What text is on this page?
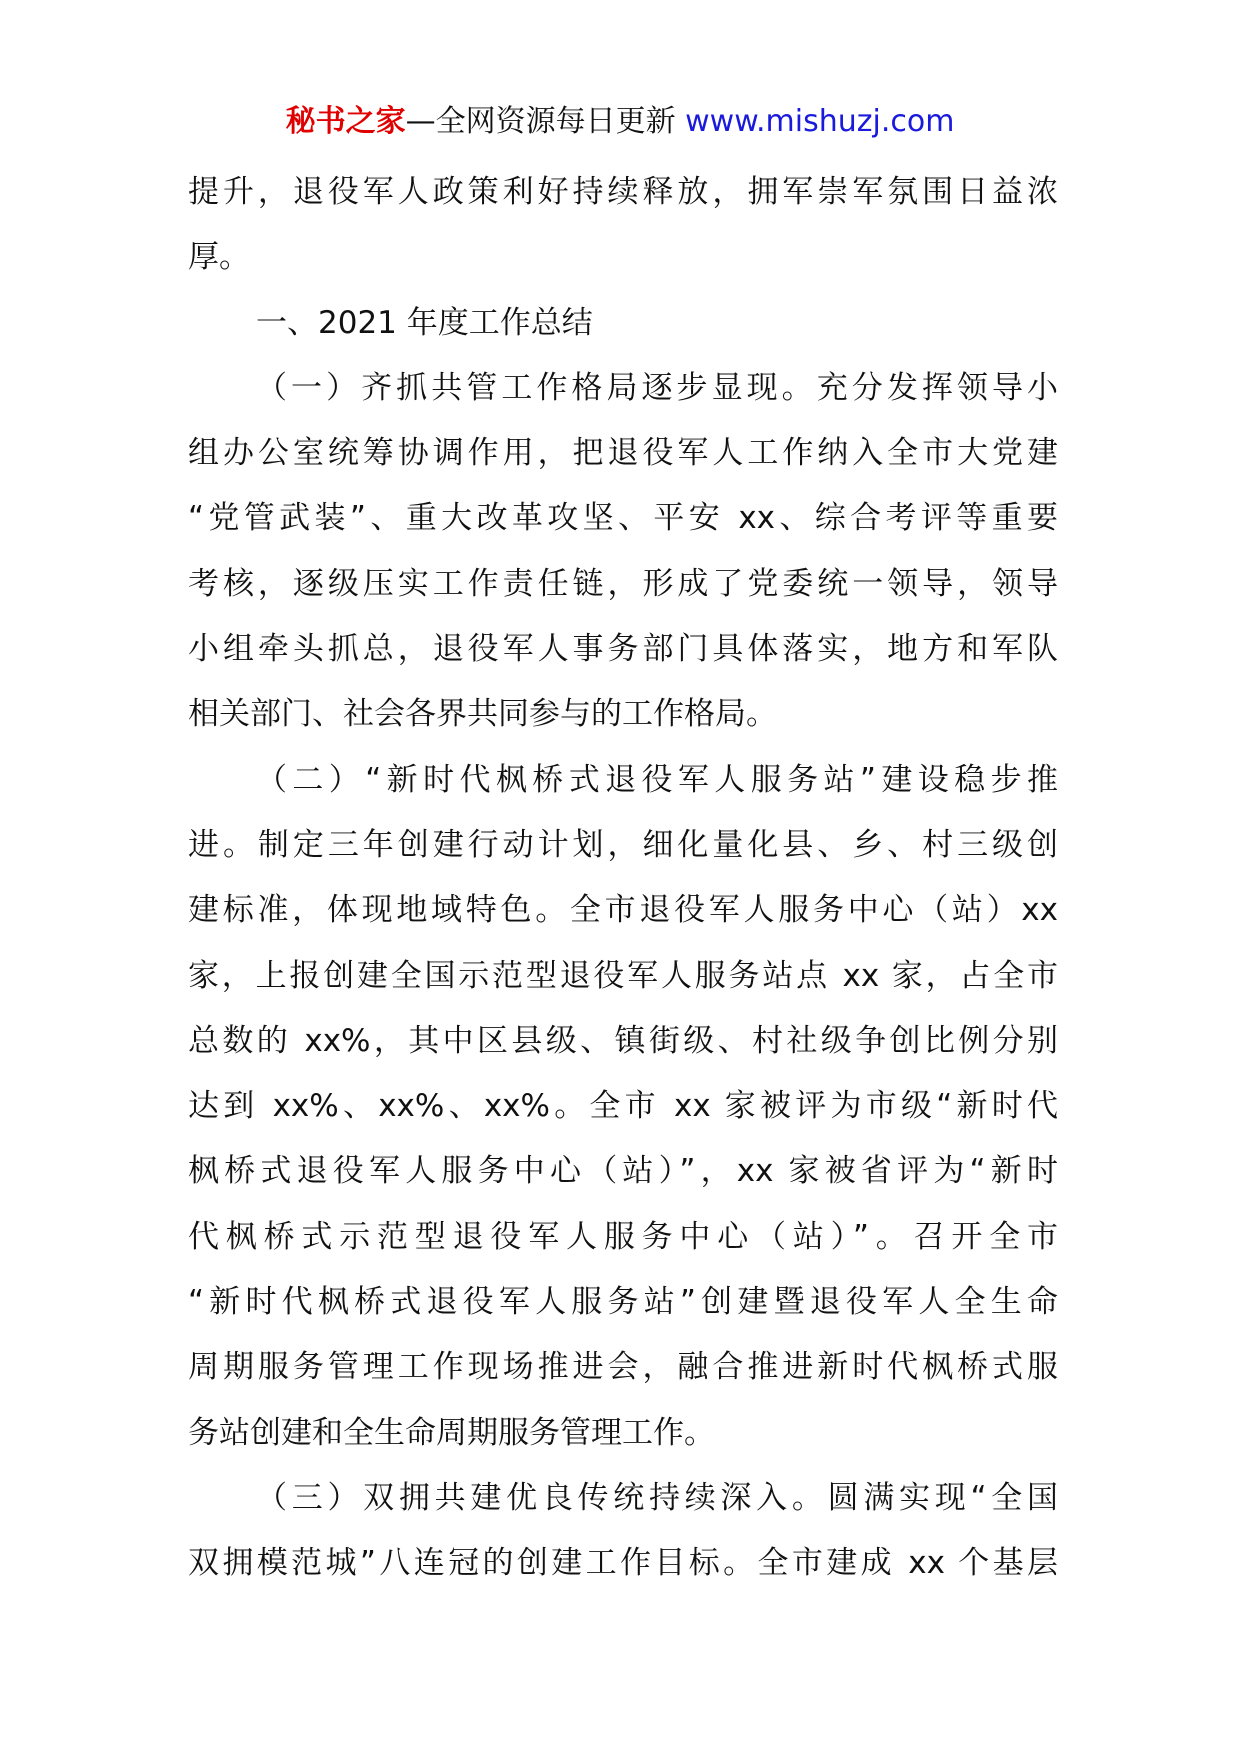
秘书之家—全网资源每日更新 www.mishuzj.com
提升，退役军人政策利好持续释放，拥军崇军氛围日益浓
厚。
一、2021 年度工作总结
（一）齐抓共管工作格局逐步显现。充分发挥领导小
组办公室统筹协调作用，把退役军人工作纳入全市大党建
“党管武装”、重大改革攻坚、平安 xx、综合考评等重要
考核，逐级压实工作责任链，形成了党委统一领导，领导
小组牵头抓总，退役军人事务部门具体落实，地方和军队
相关部门、社会各界共同参与的工作格局。
（二）“新时代枫桥式退役军人服务站”建设稳步推
进。制定三年创建行动计划，细化量化县、乡、村三级创
建标准，体现地域特色。全市退役军人服务中心（站）xx
家，上报创建全国示范型退役军人服务站点 xx 家，占全市
总数的 xx%，其中区县级、镇街级、村社级争创比例分别
达到 xx%、xx%、xx%。全市 xx 家被评为市级“新时代
枫桥式退役军人服务中心（站）”，xx 家被省评为“新时
代枫桥式示范型退役军人服务中心（站）”。召开全市
“新时代枫桥式退役军人服务站”创建暨退役军人全生命
周期服务管理工作现场推进会，融合推进新时代枫桥式服
务站创建和全生命周期服务管理工作。
（三）双拥共建优良传统持续深入。圆满实现“全国
双拥模范城”八连冠的创建工作目标。全市建成 xx 个基层
